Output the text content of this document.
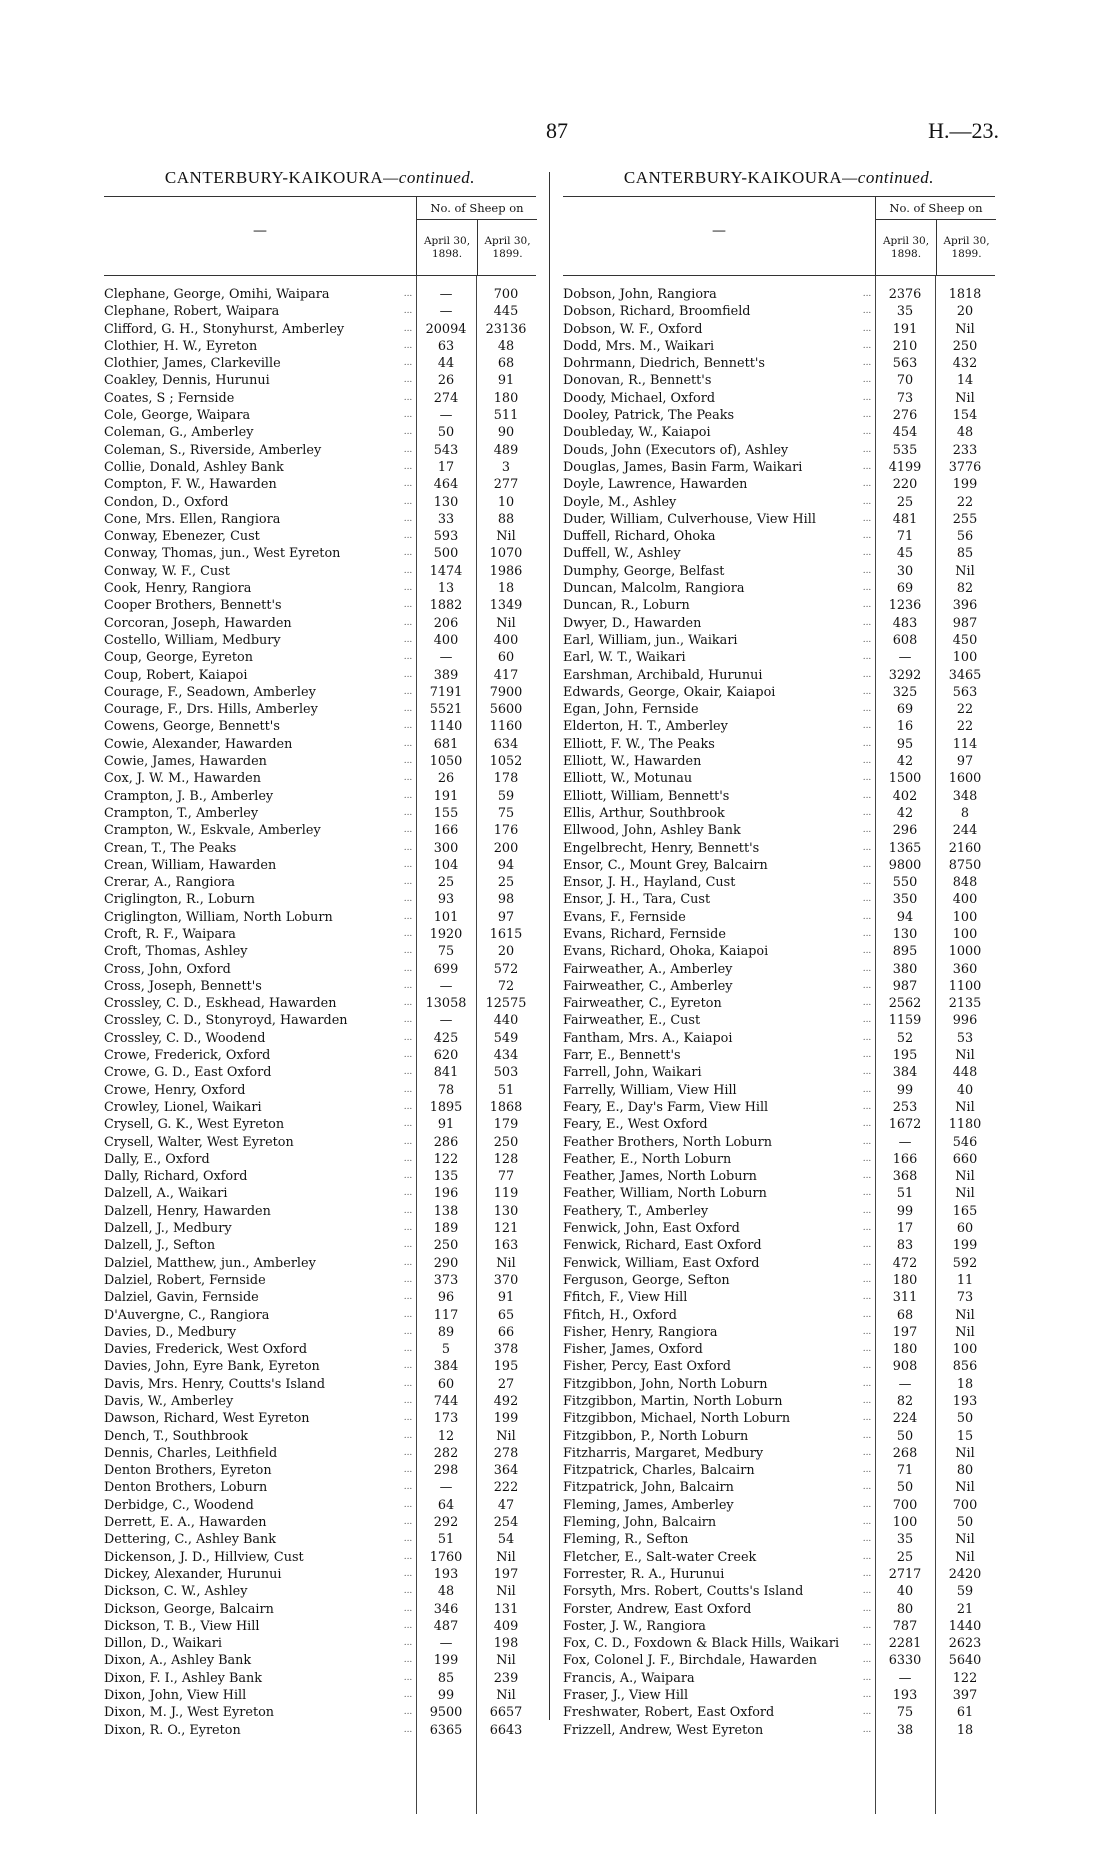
87	H.—23.
CANTERBURY-KAIKOURA—continued.
—
No. of Sheep on
April 30,
1898.
April 30,
1899.
Clephane, George, Omihi, Waipara	...	—	700
Clephane, Robert, Waipara	...	—	445
Clifford, G. H., Stonyhurst, Amberley	...	20094	23136
Clothier, H. W., Eyreton	...	63	48
Clothier, James, Clarkeville	...	44	68
Coakley, Dennis, Hurunui	...	26	91
Coates, S ; Fernside	...	274	180
Cole, George, Waipara	...	—	511
Coleman, G., Amberley	...	50	90
Coleman, S., Riverside, Amberley	...	543	489
Collie, Donald, Ashley Bank	...	17	3
Compton, F. W., Hawarden	...	464	277
Condon, D., Oxford	...	130	10
Cone, Mrs. Ellen, Rangiora	...	33	88
Conway, Ebenezer, Cust	...	593	Nil
Conway, Thomas, jun., West Eyreton	...	500	1070
Conway, W. F., Cust	...	1474	1986
Cook, Henry, Rangiora	...	13	18
Cooper Brothers, Bennett's	...	1882	1349
Corcoran, Joseph, Hawarden	...	206	Nil
Costello, William, Medbury	...	400	400
Coup, George, Eyreton	...	—	60
Coup, Robert, Kaiapoi	...	389	417
Courage, F., Seadown, Amberley	...	7191	7900
Courage, F., Drs. Hills, Amberley	...	5521	5600
Cowens, George, Bennett's	...	1140	1160
Cowie, Alexander, Hawarden	...	681	634
Cowie, James, Hawarden	...	1050	1052
Cox, J. W. M., Hawarden	...	26	178
Crampton, J. B., Amberley	...	191	59
Crampton, T., Amberley	...	155	75
Crampton, W., Eskvale, Amberley	...	166	176
Crean, T., The Peaks	...	300	200
Crean, William, Hawarden	...	104	94
Crerar, A., Rangiora	...	25	25
Criglington, R., Loburn	...	93	98
Criglington, William, North Loburn	...	101	97
Croft, R. F., Waipara	...	1920	1615
Croft, Thomas, Ashley	...	75	20
Cross, John, Oxford	...	699	572
Cross, Joseph, Bennett's	...	—	72
Crossley, C. D., Eskhead, Hawarden	...	13058	12575
Crossley, C. D., Stonyroyd, Hawarden	...	—	440
Crossley, C. D., Woodend	...	425	549
Crowe, Frederick, Oxford	...	620	434
Crowe, G. D., East Oxford	...	841	503
Crowe, Henry, Oxford	...	78	51
Crowley, Lionel, Waikari	...	1895	1868
Crysell, G. K., West Eyreton	...	91	179
Crysell, Walter, West Eyreton	...	286	250
Dally, E., Oxford	...	122	128
Dally, Richard, Oxford	...	135	77
Dalzell, A., Waikari	...	196	119
Dalzell, Henry, Hawarden	...	138	130
Dalzell, J., Medbury	...	189	121
Dalzell, J., Sefton	...	250	163
Dalziel, Matthew, jun., Amberley	...	290	Nil
Dalziel, Robert, Fernside	...	373	370
Dalziel, Gavin, Fernside	...	96	91
D'Auvergne, C., Rangiora	...	117	65
Davies, D., Medbury	...	89	66
Davies, Frederick, West Oxford	...	5	378
Davies, John, Eyre Bank, Eyreton	...	384	195
Davis, Mrs. Henry, Coutts's Island	...	60	27
Davis, W., Amberley	...	744	492
Dawson, Richard, West Eyreton	...	173	199
Dench, T., Southbrook	...	12	Nil
Dennis, Charles, Leithfield	...	282	278
Denton Brothers, Eyreton	...	298	364
Denton Brothers, Loburn	...	—	222
Derbidge, C., Woodend	...	64	47
Derrett, E. A., Hawarden	...	292	254
Dettering, C., Ashley Bank	...	51	54
Dickenson, J. D., Hillview, Cust	...	1760	Nil
Dickey, Alexander, Hurunui	...	193	197
Dickson, C. W., Ashley	...	48	Nil
Dickson, George, Balcairn	...	346	131
Dickson, T. B., View Hill	...	487	409
Dillon, D., Waikari	...	—	198
Dixon, A., Ashley Bank	...	199	Nil
Dixon, F. I., Ashley Bank	...	85	239
Dixon, John, View Hill	...	99	Nil
Dixon, M. J., West Eyreton	...	9500	6657
Dixon, R. O., Eyreton	...	6365	6643
CANTERBURY-KAIKOURA—continued.
—
No. of Sheep on
April 30,
1898.
April 30,
1899.
Dobson, John, Rangiora	...	2376	1818
Dobson, Richard, Broomfield	...	35	20
Dobson, W. F., Oxford	...	191	Nil
Dodd, Mrs. M., Waikari	...	210	250
Dohrmann, Diedrich, Bennett's	...	563	432
Donovan, R., Bennett's	...	70	14
Doody, Michael, Oxford	...	73	Nil
Dooley, Patrick, The Peaks	...	276	154
Doubleday, W., Kaiapoi	...	454	48
Douds, John (Executors of), Ashley	...	535	233
Douglas, James, Basin Farm, Waikari	...	4199	3776
Doyle, Lawrence, Hawarden	...	220	199
Doyle, M., Ashley	...	25	22
Duder, William, Culverhouse, View Hill	...	481	255
Duffell, Richard, Ohoka	...	71	56
Duffell, W., Ashley	...	45	85
Dumphy, George, Belfast	...	30	Nil
Duncan, Malcolm, Rangiora	...	69	82
Duncan, R., Loburn	...	1236	396
Dwyer, D., Hawarden	...	483	987
Earl, William, jun., Waikari	...	608	450
Earl, W. T., Waikari	...	—	100
Earshman, Archibald, Hurunui	...	3292	3465
Edwards, George, Okair, Kaiapoi	...	325	563
Egan, John, Fernside	...	69	22
Elderton, H. T., Amberley	...	16	22
Elliott, F. W., The Peaks	...	95	114
Elliott, W., Hawarden	...	42	97
Elliott, W., Motunau	...	1500	1600
Elliott, William, Bennett's	...	402	348
Ellis, Arthur, Southbrook	...	42	8
Ellwood, John, Ashley Bank	...	296	244
Engelbrecht, Henry, Bennett's	...	1365	2160
Ensor, C., Mount Grey, Balcairn	...	9800	8750
Ensor, J. H., Hayland, Cust	...	550	848
Ensor, J. H., Tara, Cust	...	350	400
Evans, F., Fernside	...	94	100
Evans, Richard, Fernside	...	130	100
Evans, Richard, Ohoka, Kaiapoi	...	895	1000
Fairweather, A., Amberley	...	380	360
Fairweather, C., Amberley	...	987	1100
Fairweather, C., Eyreton	...	2562	2135
Fairweather, E., Cust	...	1159	996
Fantham, Mrs. A., Kaiapoi	...	52	53
Farr, E., Bennett's	...	195	Nil
Farrell, John, Waikari	...	384	448
Farrelly, William, View Hill	...	99	40
Feary, E., Day's Farm, View Hill	...	253	Nil
Feary, E., West Oxford	...	1672	1180
Feather Brothers, North Loburn	...	—	546
Feather, E., North Loburn	...	166	660
Feather, James, North Loburn	...	368	Nil
Feather, William, North Loburn	...	51	Nil
Feathery, T., Amberley	...	99	165
Fenwick, John, East Oxford	...	17	60
Fenwick, Richard, East Oxford	...	83	199
Fenwick, William, East Oxford	...	472	592
Ferguson, George, Sefton	...	180	11
Ffitch, F., View Hill	...	311	73
Ffitch, H., Oxford	...	68	Nil
Fisher, Henry, Rangiora	...	197	Nil
Fisher, James, Oxford	...	180	100
Fisher, Percy, East Oxford	...	908	856
Fitzgibbon, John, North Loburn	...	—	18
Fitzgibbon, Martin, North Loburn	...	82	193
Fitzgibbon, Michael, North Loburn	...	224	50
Fitzgibbon, P., North Loburn	...	50	15
Fitzharris, Margaret, Medbury	...	268	Nil
Fitzpatrick, Charles, Balcairn	...	71	80
Fitzpatrick, John, Balcairn	...	50	Nil
Fleming, James, Amberley	...	700	700
Fleming, John, Balcairn	...	100	50
Fleming, R., Sefton	...	35	Nil
Fletcher, E., Salt-water Creek	...	25	Nil
Forrester, R. A., Hurunui	...	2717	2420
Forsyth, Mrs. Robert, Coutts's Island	...	40	59
Forster, Andrew, East Oxford	...	80	21
Foster, J. W., Rangiora	...	787	1440
Fox, C. D., Foxdown & Black Hills, Waikari	...	2281	2623
Fox, Colonel J. F., Birchdale, Hawarden	...	6330	5640
Francis, A., Waipara	...	—	122
Fraser, J., View Hill	...	193	397
Freshwater, Robert, East Oxford	...	75	61
Frizzell, Andrew, West Eyreton	...	38	18
